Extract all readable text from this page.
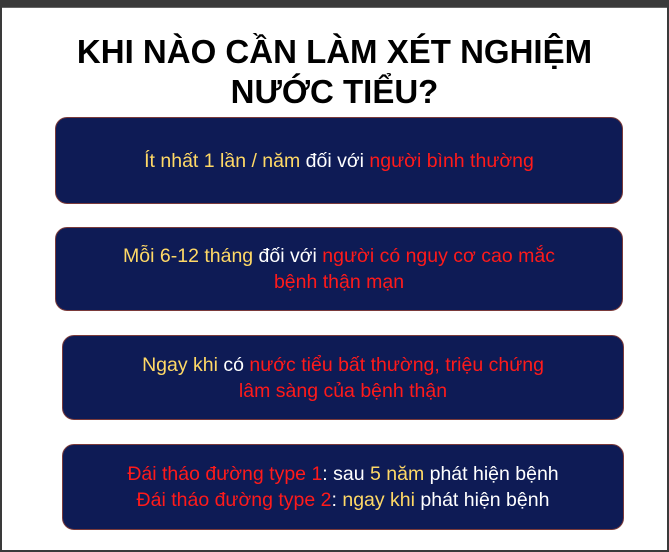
KHI NÀO CẦN LÀM XÉT NGHIỆM
NƯỚC TIỂU?

Ít nhất 1 lần / năm đối với người bình thường

Mỗi 6-12 tháng đối với người có nguy cơ cao mắc
bệnh thận mạn

Ngay khi có nước tiểu bất thường, triệu chứng
lâm sàng của bệnh thận

Đái tháo đường type 1: sau 5 năm phát hiện bệnh
Đái tháo đường type 2: ngay khi phát hiện bệnh
